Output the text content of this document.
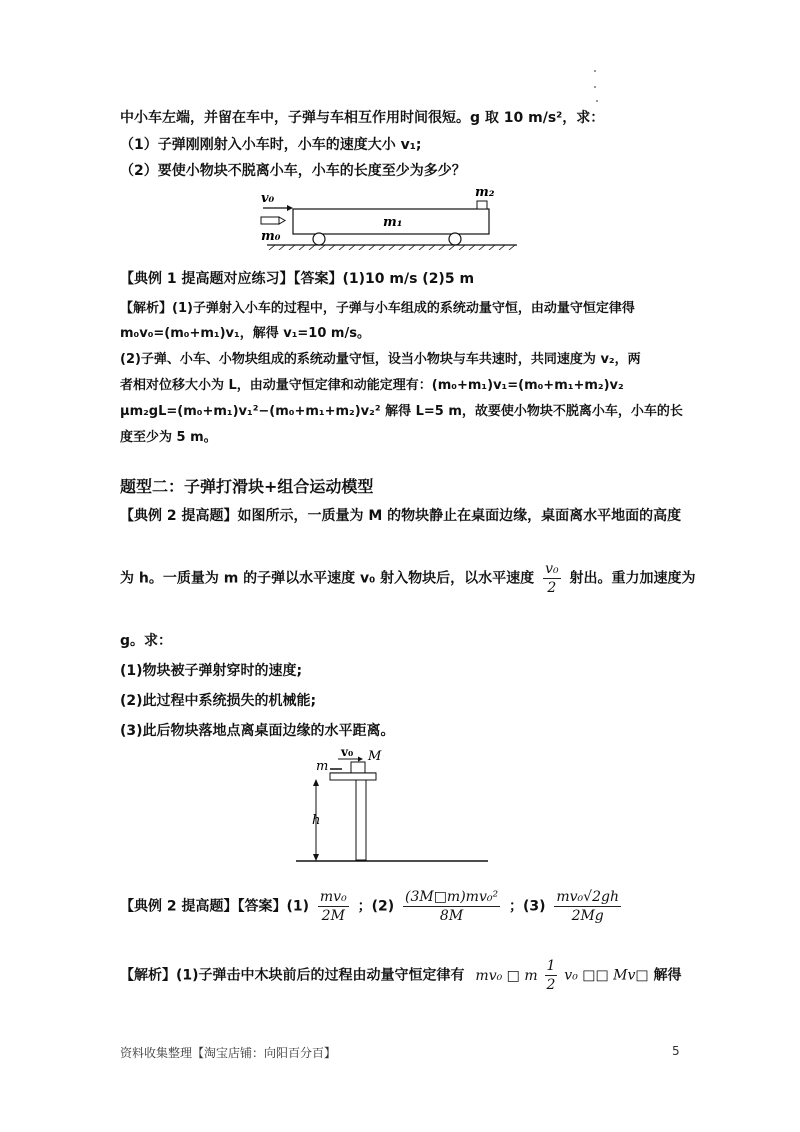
中小车左端，并留在车中，子弹与车相互作用时间很短。g 取 10 m/s²，求：
（1）子弹刚刚射入小车时，小车的速度大小 v₁;
（2）要使小物块不脱离小车，小车的长度至少为多少？
v₀
m₀
m₁
m₂
【典例 1 提高题对应练习】【答案】(1)10 m/s (2)5 m
【解析】(1)子弹射入小车的过程中，子弹与小车组成的系统动量守恒，由动量守恒定律得
m₀v₀=(m₀+m₁)v₁，解得 v₁=10 m/s。
(2)子弹、小车、小物块组成的系统动量守恒，设当小物块与车共速时，共同速度为 v₂，两
者相对位移大小为 L，由动量守恒定律和动能定理有：(m₀+m₁)v₁=(m₀+m₁+m₂)v₂
μm₂gL=(m₀+m₁)v₁²−(m₀+m₁+m₂)v₂² 解得 L=5 m，故要使小物块不脱离小车，小车的长
度至少为 5 m。
题型二：子弹打滑块+组合运动模型
【典例 2 提高题】如图所示，一质量为 M 的物块静止在桌面边缘，桌面离水平地面的高度
为 h。一质量为 m 的子弹以水平速度 v₀ 射入物块后，以水平速度 $\frac{\text{v₀}}{2}$ 射出。重力加速度为
g。求：
(1)物块被子弹射穿时的速度;
(2)此过程中系统损失的机械能;
(3)此后物块落地点离桌面边缘的水平距离。
v₀ M
m
h
【典例 2 提高题】【答案】$(1) \frac{\text{mv₀}}{2M}$ ；$(2) \frac{\text{(3M□m)mv₀²}}{8M}$ ；$(3) \frac{\text{mv₀√2gh}}{2Mg}$
【解析】(1)子弹击中木块前后的过程由动量守恒定律有 mv₀ □ m $\frac{1}{2} v_0$ □□ Mv□ 解得
资料收集整理【淘宝店铺：向阳百分百】	5
